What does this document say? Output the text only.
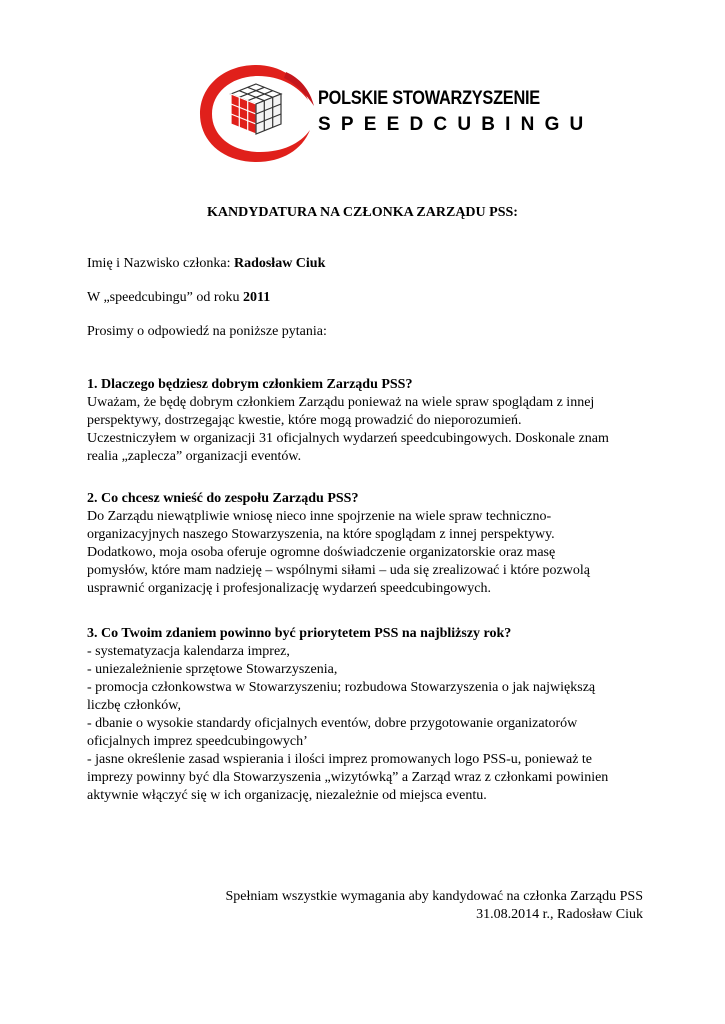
POLSKIE STOWARZYSZENIE
SPEEDCUBINGU
KANDYDATURA NA CZŁONKA ZARZĄDU PSS:
Imię i Nazwisko członka: Radosław Ciuk
W „speedcubingu” od roku 2011
Prosimy o odpowiedź na poniższe pytania:
1. Dlaczego będziesz dobrym członkiem Zarządu PSS?
Uważam, że będę dobrym członkiem Zarządu ponieważ na wiele spraw spoglądam z innej
perspektywy, dostrzegając kwestie, które mogą prowadzić do nieporozumień.
Uczestniczyłem w organizacji 31 oficjalnych wydarzeń speedcubingowych. Doskonale znam
realia „zaplecza” organizacji eventów.
2. Co chcesz wnieść do zespołu Zarządu PSS?
Do Zarządu niewątpliwie wniosę nieco inne spojrzenie na wiele spraw techniczno-
organizacyjnych naszego Stowarzyszenia, na które spoglądam z innej perspektywy.
Dodatkowo, moja osoba oferuje ogromne doświadczenie organizatorskie oraz masę
pomysłów, które mam nadzieję – wspólnymi siłami – uda się zrealizować i które pozwolą
usprawnić organizację i profesjonalizację wydarzeń speedcubingowych.
3. Co Twoim zdaniem powinno być priorytetem PSS na najbliższy rok?
- systematyzacja kalendarza imprez,
- uniezależnienie sprzętowe Stowarzyszenia,
- promocja członkowstwa w Stowarzyszeniu; rozbudowa Stowarzyszenia o jak największą
liczbę członków,
- dbanie o wysokie standardy oficjalnych eventów, dobre przygotowanie organizatorów
oficjalnych imprez speedcubingowych’
- jasne określenie zasad wspierania i ilości imprez promowanych logo PSS-u, ponieważ te
imprezy powinny być dla Stowarzyszenia „wizytówką” a Zarząd wraz z członkami powinien
aktywnie włączyć się w ich organizację, niezależnie od miejsca eventu.
Spełniam wszystkie wymagania aby kandydować na członka Zarządu PSS
31.08.2014 r., Radosław Ciuk
